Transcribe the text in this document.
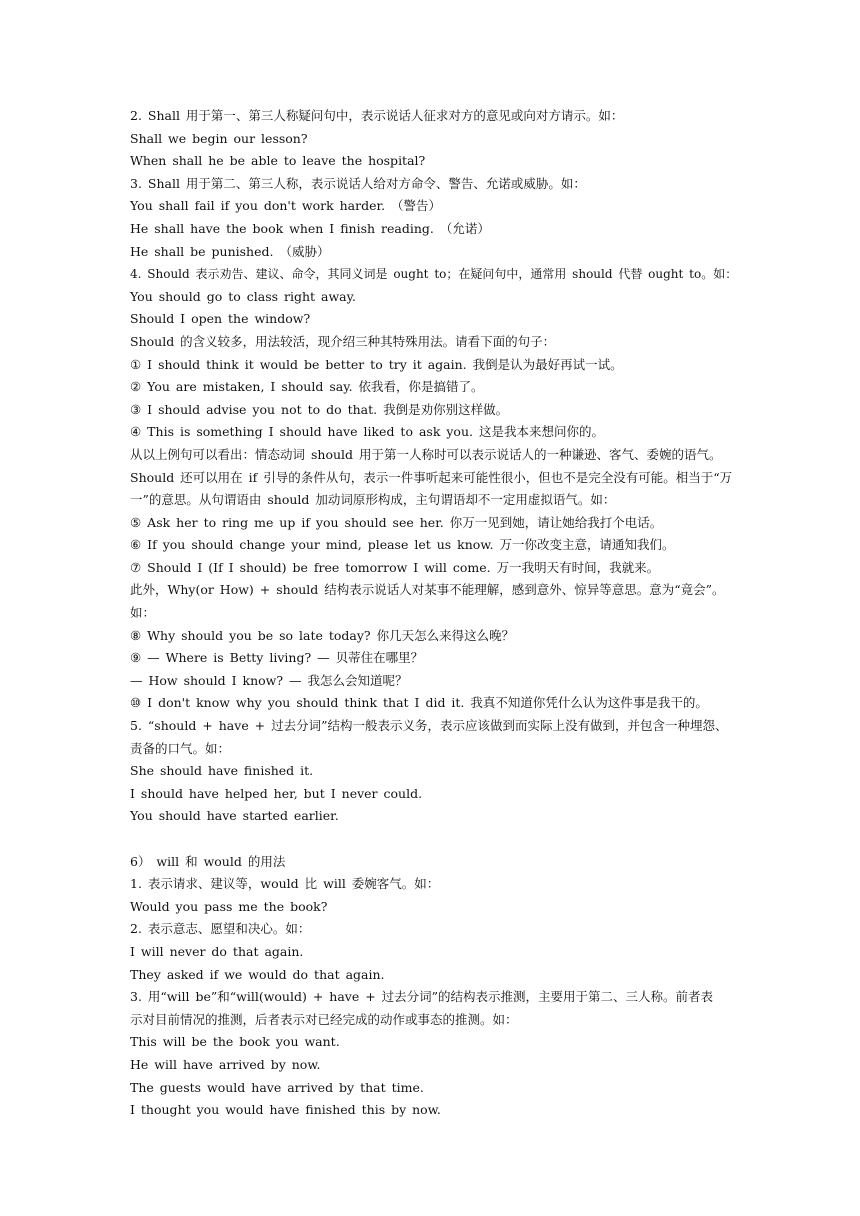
2. Shall 用于第一、第三人称疑问句中，表示说话人征求对方的意见或向对方请示。如：
Shall we begin our lesson?
When shall he be able to leave the hospital?
3. Shall 用于第二、第三人称，表示说话人给对方命令、警告、允诺或威胁。如：
You shall fail if you don't work harder. （警告）
He shall have the book when I finish reading. （允诺）
He shall be punished. （威胁）
4. Should 表示劝告、建议、命令，其同义词是 ought to；在疑问句中，通常用 should 代替 ought to。如：
You should go to class right away.
Should I open the window?
Should 的含义较多，用法较活，现介绍三种其特殊用法。请看下面的句子：
① I should think it would be better to try it again. 我倒是认为最好再试一试。
② You are mistaken, I should say. 依我看，你是搞错了。
③ I should advise you not to do that. 我倒是劝你别这样做。
④ This is something I should have liked to ask you. 这是我本来想问你的。
从以上例句可以看出：情态动词 should 用于第一人称时可以表示说话人的一种谦逊、客气、委婉的语气。
Should 还可以用在 if 引导的条件从句，表示一件事听起来可能性很小，但也不是完全没有可能。相当于“万
一”的意思。从句谓语由 should 加动词原形构成，主句谓语却不一定用虚拟语气。如：
⑤ Ask her to ring me up if you should see her. 你万一见到她，请让她给我打个电话。
⑥ If you should change your mind, please let us know. 万一你改变主意，请通知我们。
⑦ Should I (If I should) be free tomorrow I will come. 万一我明天有时间，我就来。
此外，Why(or How) + should 结构表示说话人对某事不能理解，感到意外、惊异等意思。意为“竟会”。
如：
⑧ Why should you be so late today? 你几天怎么来得这么晚？
⑨ — Where is Betty living? — 贝蒂住在哪里？
— How should I know? — 我怎么会知道呢？
⑩ I don't know why you should think that I did it. 我真不知道你凭什么认为这件事是我干的。
5. “should + have + 过去分词”结构一般表示义务，表示应该做到而实际上没有做到，并包含一种埋怨、
责备的口气。如：
She should have finished it.
I should have helped her, but I never could.
You should have started earlier.
6） will 和 would 的用法
1. 表示请求、建议等，would 比 will 委婉客气。如：
Would you pass me the book?
2. 表示意志、愿望和决心。如：
I will never do that again.
They asked if we would do that again.
3. 用“will be”和“will(would) + have + 过去分词”的结构表示推测，主要用于第二、三人称。前者表
示对目前情况的推测，后者表示对已经完成的动作或事态的推测。如：
This will be the book you want.
He will have arrived by now.
The guests would have arrived by that time.
I thought you would have finished this by now.
